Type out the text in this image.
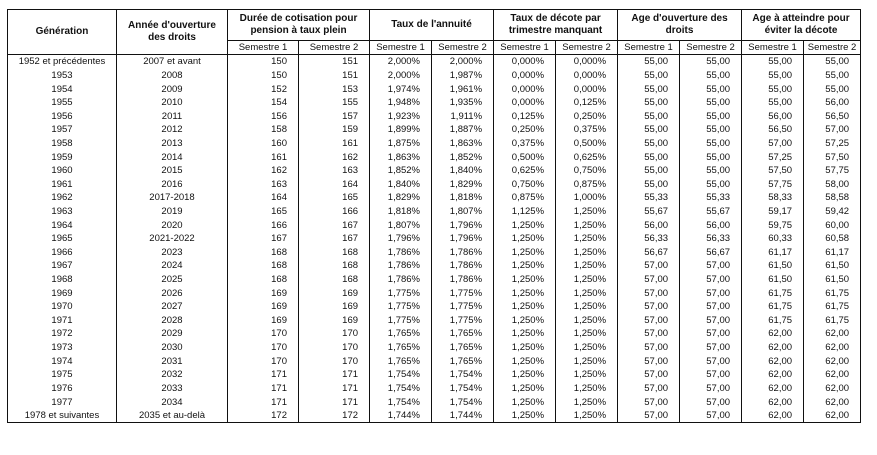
Génération	Année d'ouverture des droits	Durée de cotisation pour pension à taux plein		Taux de l'annuité		Taux de décote par trimestre manquant		Age d'ouverture des droits		Age à atteindre pour éviter la décote	
		Semestre 1	Semestre 2	Semestre 1	Semestre 2	Semestre 1	Semestre 2	Semestre 1	Semestre 2	Semestre 1	Semestre 2
1952 et précédentes	2007 et avant	150	151	2,000%	2,000%	0,000%	0,000%	55,00	55,00	55,00	55,00
1953	2008	150	151	2,000%	1,987%	0,000%	0,000%	55,00	55,00	55,00	55,00
1954	2009	152	153	1,974%	1,961%	0,000%	0,000%	55,00	55,00	55,00	55,00
1955	2010	154	155	1,948%	1,935%	0,000%	0,125%	55,00	55,00	55,00	56,00
1956	2011	156	157	1,923%	1,911%	0,125%	0,250%	55,00	55,00	56,00	56,50
1957	2012	158	159	1,899%	1,887%	0,250%	0,375%	55,00	55,00	56,50	57,00
1958	2013	160	161	1,875%	1,863%	0,375%	0,500%	55,00	55,00	57,00	57,25
1959	2014	161	162	1,863%	1,852%	0,500%	0,625%	55,00	55,00	57,25	57,50
1960	2015	162	163	1,852%	1,840%	0,625%	0,750%	55,00	55,00	57,50	57,75
1961	2016	163	164	1,840%	1,829%	0,750%	0,875%	55,00	55,00	57,75	58,00
1962	2017-2018	164	165	1,829%	1,818%	0,875%	1,000%	55,33	55,33	58,33	58,58
1963	2019	165	166	1,818%	1,807%	1,125%	1,250%	55,67	55,67	59,17	59,42
1964	2020	166	167	1,807%	1,796%	1,250%	1,250%	56,00	56,00	59,75	60,00
1965	2021-2022	167	167	1,796%	1,796%	1,250%	1,250%	56,33	56,33	60,33	60,58
1966	2023	168	168	1,786%	1,786%	1,250%	1,250%	56,67	56,67	61,17	61,17
1967	2024	168	168	1,786%	1,786%	1,250%	1,250%	57,00	57,00	61,50	61,50
1968	2025	168	168	1,786%	1,786%	1,250%	1,250%	57,00	57,00	61,50	61,50
1969	2026	169	169	1,775%	1,775%	1,250%	1,250%	57,00	57,00	61,75	61,75
1970	2027	169	169	1,775%	1,775%	1,250%	1,250%	57,00	57,00	61,75	61,75
1971	2028	169	169	1,775%	1,775%	1,250%	1,250%	57,00	57,00	61,75	61,75
1972	2029	170	170	1,765%	1,765%	1,250%	1,250%	57,00	57,00	62,00	62,00
1973	2030	170	170	1,765%	1,765%	1,250%	1,250%	57,00	57,00	62,00	62,00
1974	2031	170	170	1,765%	1,765%	1,250%	1,250%	57,00	57,00	62,00	62,00
1975	2032	171	171	1,754%	1,754%	1,250%	1,250%	57,00	57,00	62,00	62,00
1976	2033	171	171	1,754%	1,754%	1,250%	1,250%	57,00	57,00	62,00	62,00
1977	2034	171	171	1,754%	1,754%	1,250%	1,250%	57,00	57,00	62,00	62,00
1978 et suivantes	2035 et au-delà	172	172	1,744%	1,744%	1,250%	1,250%	57,00	57,00	62,00	62,00
